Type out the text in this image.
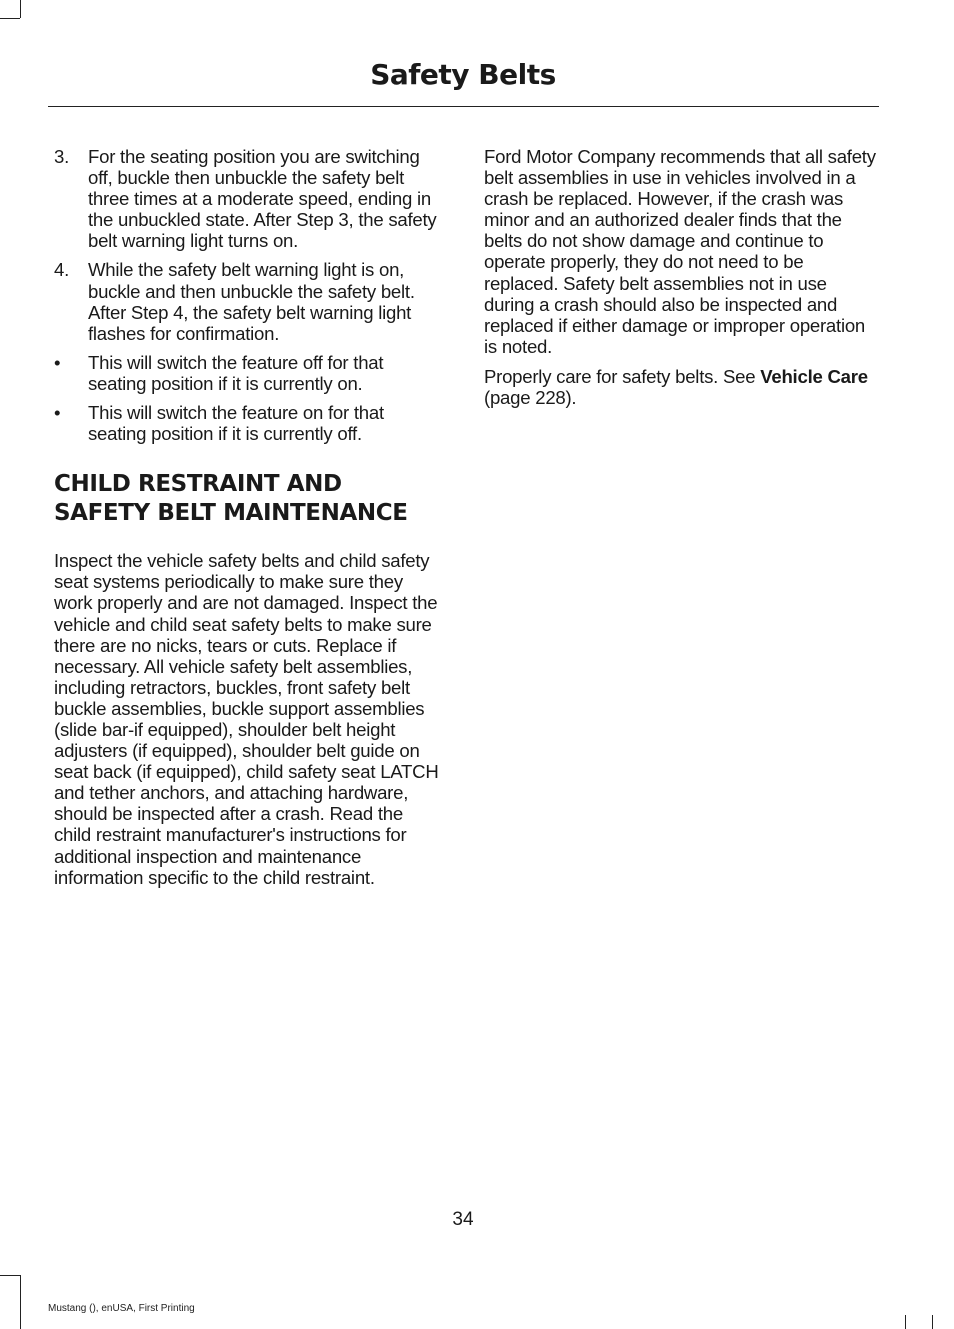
Safety Belts
3. For the seating position you are switching off, buckle then unbuckle the safety belt three times at a moderate speed, ending in the unbuckled state. After Step 3, the safety belt warning light turns on.
4. While the safety belt warning light is on, buckle and then unbuckle the safety belt. After Step 4, the safety belt warning light flashes for confirmation.
• This will switch the feature off for that seating position if it is currently on.
• This will switch the feature on for that seating position if it is currently off.
CHILD RESTRAINT AND SAFETY BELT MAINTENANCE

Inspect the vehicle safety belts and child safety seat systems periodically to make sure they work properly and are not damaged. Inspect the vehicle and child seat safety belts to make sure there are no nicks, tears or cuts. Replace if necessary. All vehicle safety belt assemblies, including retractors, buckles, front safety belt buckle assemblies, buckle support assemblies (slide bar-if equipped), shoulder belt height adjusters (if equipped), shoulder belt guide on seat back (if equipped), child safety seat LATCH and tether anchors, and attaching hardware, should be inspected after a crash. Read the child restraint manufacturer's instructions for additional inspection and maintenance information specific to the child restraint.

Ford Motor Company recommends that all safety belt assemblies in use in vehicles involved in a crash be replaced. However, if the crash was minor and an authorized dealer finds that the belts do not show damage and continue to operate properly, they do not need to be replaced. Safety belt assemblies not in use during a crash should also be inspected and replaced if either damage or improper operation is noted.

Properly care for safety belts. See Vehicle Care (page 228).

34
Mustang (), enUSA, First Printing
